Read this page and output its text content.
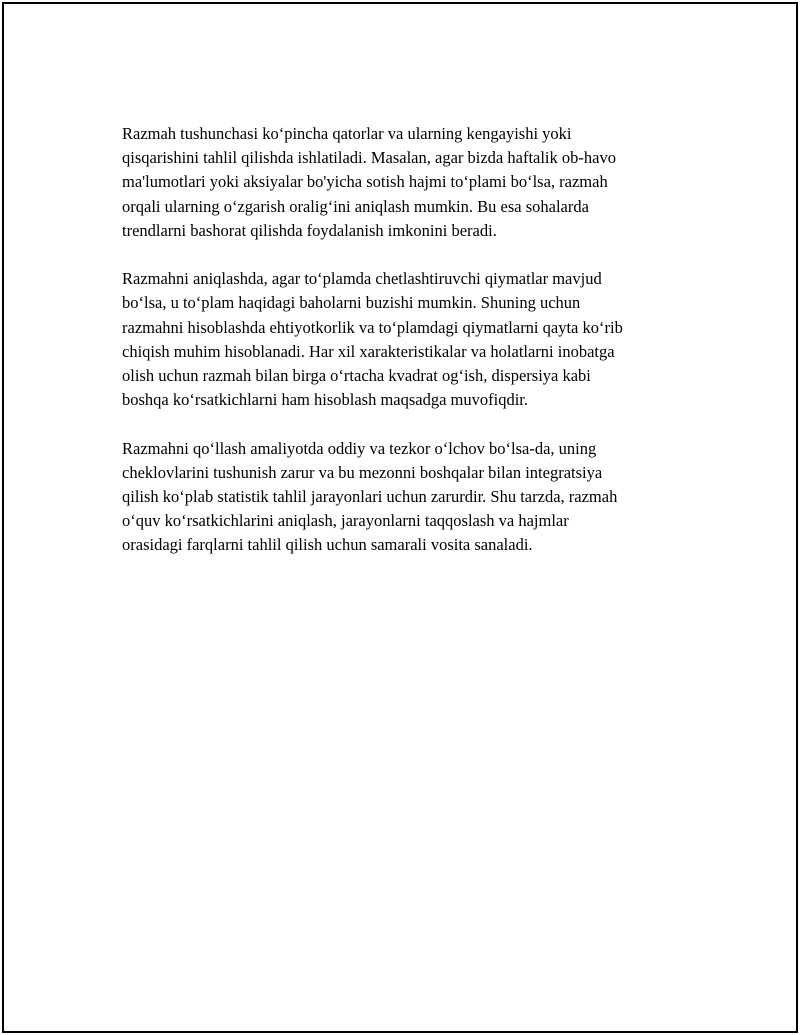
Razmah tushunchasi ko‘pincha qatorlar va ularning kengayishi yoki
qisqarishini tahlil qilishda ishlatiladi. Masalan, agar bizda haftalik ob-havo
ma'lumotlari yoki aksiyalar bo'yicha sotish hajmi to‘plami bo‘lsa, razmah
orqali ularning o‘zgarish oralig‘ini aniqlash mumkin. Bu esa sohalarda
trendlarni bashorat qilishda foydalanish imkonini beradi.

Razmahni aniqlashda, agar to‘plamda chetlashtiruvchi qiymatlar mavjud
bo‘lsa, u to‘plam haqidagi baholarni buzishi mumkin. Shuning uchun
razmahni hisoblashda ehtiyotkorlik va to‘plamdagi qiymatlarni qayta ko‘rib
chiqish muhim hisoblanadi. Har xil xarakteristikalar va holatlarni inobatga
olish uchun razmah bilan birga o‘rtacha kvadrat og‘ish, dispersiya kabi
boshqa ko‘rsatkichlarni ham hisoblash maqsadga muvofiqdir.

Razmahni qo‘llash amaliyotda oddiy va tezkor o‘lchov bo‘lsa-da, uning
cheklovlarini tushunish zarur va bu mezonni boshqalar bilan integratsiya
qilish ko‘plab statistik tahlil jarayonlari uchun zarurdir. Shu tarzda, razmah
o‘quv ko‘rsatkichlarini aniqlash, jarayonlarni taqqoslash va hajmlar
orasidagi farqlarni tahlil qilish uchun samarali vosita sanaladi.
